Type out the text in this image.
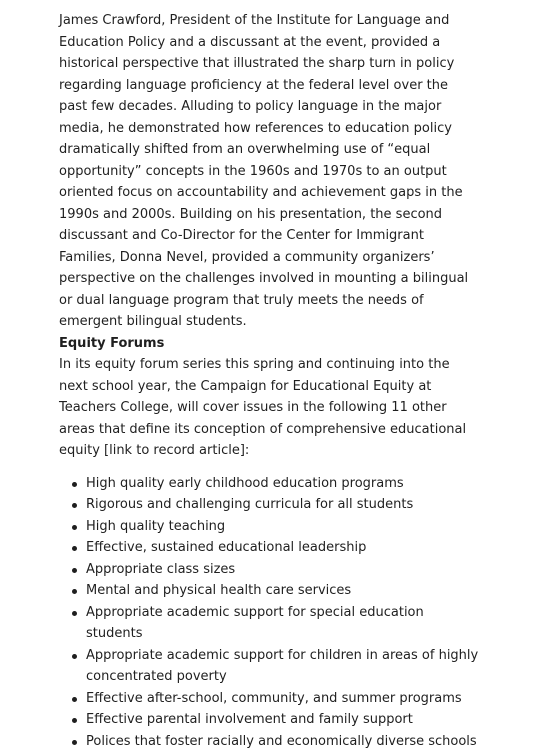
James Crawford, President of the Institute for Language and Education Policy and a discussant at the event, provided a historical perspective that illustrated the sharp turn in policy regarding language proficiency at the federal level over the past few decades. Alluding to policy language in the major media, he demonstrated how references to education policy dramatically shifted from an overwhelming use of “equal opportunity” concepts in the 1960s and 1970s to an output oriented focus on accountability and achievement gaps in the 1990s and 2000s. Building on his presentation, the second discussant and Co-Director for the Center for Immigrant Families, Donna Nevel, provided a community organizers’ perspective on the challenges involved in mounting a bilingual or dual language program that truly meets the needs of emergent bilingual students.

Equity Forums

In its equity forum series this spring and continuing into the next school year, the Campaign for Educational Equity at Teachers College, will cover issues in the following 11 other areas that define its conception of comprehensive educational equity [link to record article]:

High quality early childhood education programs
Rigorous and challenging curricula for all students
High quality teaching
Effective, sustained educational leadership
Appropriate class sizes
Mental and physical health care services
Appropriate academic support for special education students
Appropriate academic support for children in areas of highly concentrated poverty
Effective after-school, community, and summer programs
Effective parental involvement and family support
Polices that foster racially and economically diverse schools
